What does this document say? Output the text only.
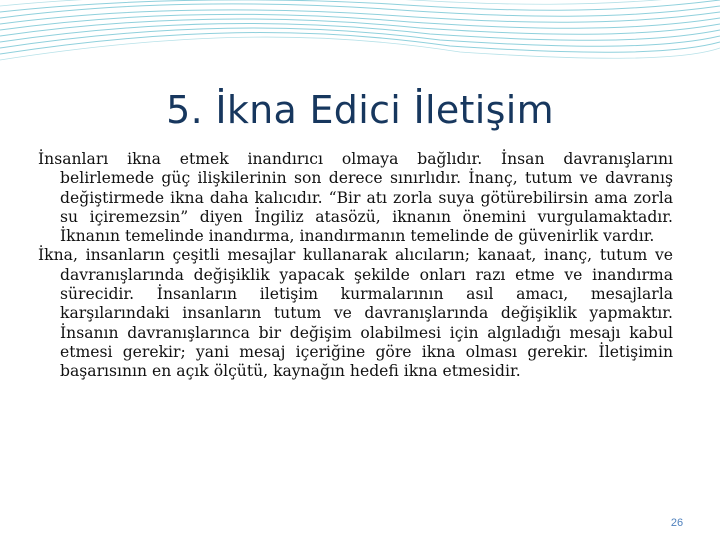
5. İkna Edici İletişim

İnsanları ikna etmek inandırıcı olmaya bağlıdır. İnsan davranışlarını belirlemede güç ilişkilerinin son derece sınırlıdır. İnanç, tutum ve davranış değiştirmede ikna daha kalıcıdır. “Bir atı zorla suya götürebilirsin ama zorla su içiremezsin” diyen İngiliz atasözü, iknanın önemini vurgulamaktadır. İknanın temelinde inandırma, inandırmanın temelinde de güvenirlik vardır.

İkna, insanların çeşitli mesajlar kullanarak alıcıların; kanaat, inanç, tutum ve davranışlarında değişiklik yapacak şekilde onları razı etme ve inandırma sürecidir. İnsanların iletişim kurmalarının asıl amacı, mesajlarla karşılarındaki insanların tutum ve davranışlarında değişiklik yapmaktır. İnsanın davranışlarınca bir değişim olabilmesi için algıladığı mesajı kabul etmesi gerekir; yani mesaj içeriğine göre ikna olması gerekir. İletişimin başarısının en açık ölçütü, kaynağın hedefi ikna etmesidir.

26
